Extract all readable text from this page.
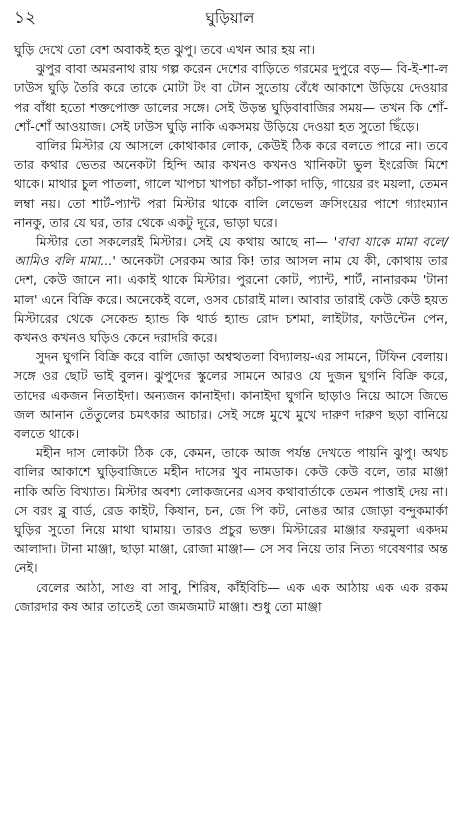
১২	ঘুড়িয়াল

ঘুড়ি দেখে তো বেশ অবাকই হত ঝুপু। তবে এখন আর হয় না।

ঝুপুর বাবা অমরনাথ রায় গল্প করেন দেশের বাড়িতে গরমের দুপুরে বড়— বি-ই-শা-ল ঢাউস ঘুড়ি তৈরি করে তাকে মোটা টং বা টোন সুতোয় বেঁধে আকাশে উড়িয়ে দেওয়ার পর বাঁধা হতো শক্তপোক্ত ডালের সঙ্গে। সেই উড়ন্ত ঘুড়িবাবাজির সময়— তখন কি শোঁ-শোঁ-শোঁ আওয়াজ। সেই ঢাউস ঘুড়ি নাকি একসময় উড়িয়ে দেওয়া হত সুতো ছিঁড়ে।

বালির মিস্টার যে আসলে কোথাকার লোক, কেউই ঠিক করে বলতে পারে না। তবে তার কথার ভেতর অনেকটা হিন্দি আর কখনও কখনও খানিকটা ভুল ইংরেজি মিশে থাকে। মাথার চুল পাতলা, গালে খাপচা খাপচা কাঁচা-পাকা দাড়ি, গায়ের রং ময়লা, তেমন লম্বা নয়। তো শার্ট-প্যান্ট পরা মিস্টার থাকে বালি লেভেল ক্রসিংয়ের পাশে গ্যাংম্যান নানকু, তার যে ঘর, তার থেকে একটু দূরে, ভাড়া ঘরে।

মিস্টার তো সকলেরই মিস্টার। সেই যে কথায় আছে না— 'বাবা যাকে মামা বলে/ আমিও বলি মামা...' অনেকটা সেরকম আর কি! তার আসল নাম যে কী, কোথায় তার দেশ, কেউ জানে না। একাই থাকে মিস্টার। পুরনো কোট, প্যান্ট, শার্ট, নানারকম 'টানা মাল' এনে বিক্রি করে। অনেকেই বলে, ওসব চোরাই মাল। আবার তারাই কেউ কেউ হয়ত মিস্টারের থেকে সেকেন্ড হ্যান্ড কি থার্ড হ্যান্ড রোদ চশমা, লাইটার, ফাউন্টেন পেন, কখনও কখনও ঘড়িও কেনে দরাদরি করে।

সুদন ঘুগনি বিক্রি করে বালি জোড়া অশ্বত্থতলা বিদ্যালয়-এর সামনে, টিফিন বেলায়। সঙ্গে ওর ছোট ভাই বুলন। ঝুপুদের স্কুলের সামনে আরও যে দুজন ঘুগনি বিক্রি করে, তাদের একজন নিতাইদা। অন্যজন কানাইদা। কানাইদা ঘুগনি ছাড়াও নিয়ে আসে জিভে জল আনান তেঁতুলের চমৎকার আচার। সেই সঙ্গে মুখে মুখে দারুণ দারুণ ছড়া বানিয়ে বলতে থাকে।

মহীন দাস লোকটা ঠিক কে, কেমন, তাকে আজ পর্যন্ত দেখতে পায়নি ঝুপু। অথচ বালির আকাশে ঘুড়িবাজিতে মহীন দাসের খুব নামডাক। কেউ কেউ বলে, তার মাঞ্জা নাকি অতি বিখ্যাত। মিস্টার অবশ্য লোকজনের এসব কথাবার্তাকে তেমন পাত্তাই দেয় না। সে বরং ব্লু বার্ড, রেড কাইট, কিষান, চন, জে পি কট, নোঙর আর জোড়া বন্দুকমার্কা ঘুড়ির সুতো নিয়ে মাথা ঘামায়। তারও প্রচুর ভক্ত। মিস্টারের মাঞ্জার ফরমুলা একদম আলাদা। টানা মাঞ্জা, ছাড়া মাঞ্জা, রোজা মাঞ্জা— সে সব নিয়ে তার নিত্য গবেষণার অন্ত নেই।

বেলের আঠা, সাগু বা সাবু, শিরিষ, কাঁইবিচি— এক এক আঠায় এক এক রকম জোরদার কষ আর তাতেই তো জমজমাট মাঞ্জা। শুধু তো মাঞ্জা
